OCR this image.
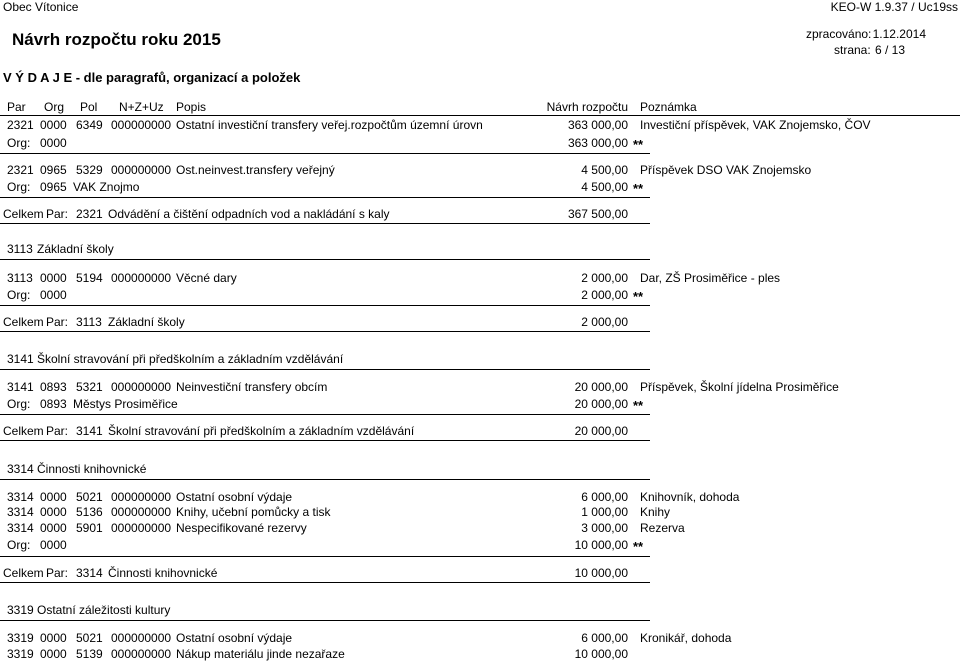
Obec Vítonice	KEO-W 1.9.37 / Uc19ss
Návrh rozpočtu roku 2015	zpracováno: 1.12.2014
strana: 6 / 13
V Ý D A J E - dle paragrafů, organizací a položek
Par Org Pol N+Z+Uz Popis	Návrh rozpočtu Poznámka
2321 0000 6349 000000000 Ostatní investiční transfery veřej.rozpočtům územní úrovn	363 000,00 Investiční příspěvek, VAK Znojemsko, ČOV
Org: 0000	363 000,00 **
2321 0965 5329 000000000 Ost.neinvest.transfery veřejný	4 500,00 Příspěvek DSO VAK Znojemsko
Org: 0965 VAK Znojmo	4 500,00 **
Celkem Par: 2321 Odvádění a čištění odpadních vod a nakládání s kaly	367 500,00
3113 Základní školy
3113 0000 5194 000000000 Věcné dary	2 000,00 Dar, ZŠ Prosiměřice - ples
Org: 0000	2 000,00 **
Celkem Par: 3113 Základní školy	2 000,00
3141 Školní stravování při předškolním a základním vzdělávání
3141 0893 5321 000000000 Neinvestiční transfery obcím	20 000,00 Příspěvek, Školní jídelna Prosiměřice
Org: 0893 Městys Prosiměřice	20 000,00 **
Celkem Par: 3141 Školní stravování při předškolním a základním vzdělávání	20 000,00
3314 Činnosti knihovnické
3314 0000 5021 000000000 Ostatní osobní výdaje	6 000,00 Knihovník, dohoda
3314 0000 5136 000000000 Knihy, učební pomůcky a tisk	1 000,00 Knihy
3314 0000 5901 000000000 Nespecifikované rezervy	3 000,00 Rezerva
Org: 0000	10 000,00 **
Celkem Par: 3314 Činnosti knihovnické	10 000,00
3319 Ostatní záležitosti kultury
3319 0000 5021 000000000 Ostatní osobní výdaje	6 000,00 Kronikář, dohoda
3319 0000 5139 000000000 Nákup materiálu jinde nezařaze	10 000,00
